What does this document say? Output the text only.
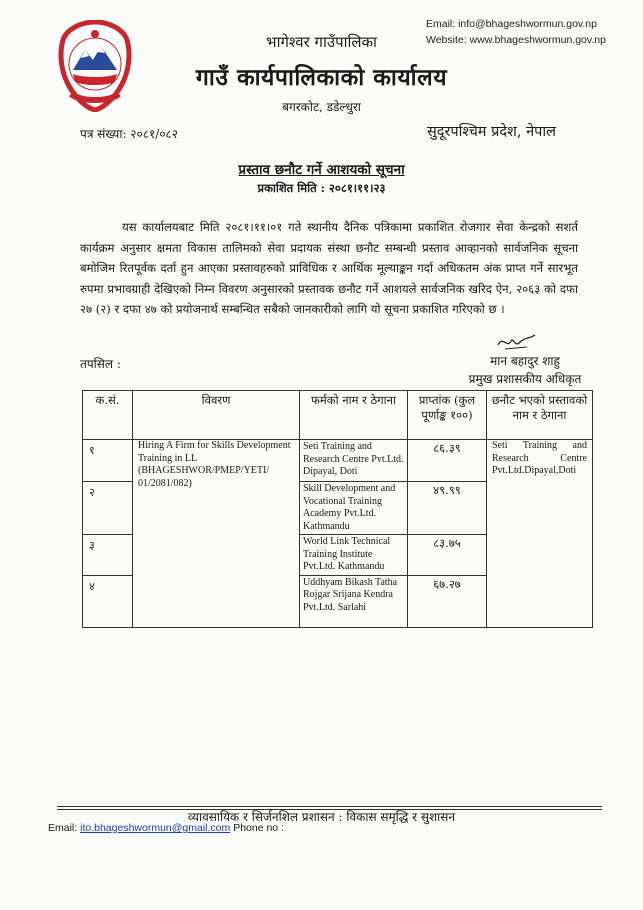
Email: info@bhageshwormun.gov.np
Website: www.bhageshwormun.gov.np
भागेश्वर गाउँपालिका
गाउँ कार्यपालिकाको कार्यालय
बगरकोट, डडेल्धुरा
पत्र संख्या: २०८१/०८२	सुदूरपश्चिम प्रदेश, नेपाल
प्रस्ताव छनौट गर्ने आशयको सूचना
प्रकाशित मिति : २०८१।११।२३
यस कार्यालयबाट मिति २०८१।११।०१ गते स्थानीय दैनिक पत्रिकामा प्रकाशित रोजगार सेवा केन्द्रको सशर्त कार्यक्रम अनुसार क्षमता विकास तालिमको सेवा प्रदायक संस्था छनौट सम्बन्धी प्रस्ताव आव्हानको सार्वजनिक सूचना बमोजिम रितपूर्वक दर्ता हुन आएका प्रस्तावहरुको प्राविधिक र आर्थिक मूल्याङ्कन गर्दा अधिकतम अंक प्राप्त गर्ने सारभूत रुपमा प्रभावग्राही देखिएको निम्न विवरण अनुसारको प्रस्तावक छनौट गर्ने आशयले सार्वजनिक खरिद ऐन, २०६३ को दफा २७ (२) र दफा ४७ को प्रयोजनार्थ सम्बन्धित सबैको जानकारीको लागि यो सूचना प्रकाशित गरिएको छ ।
मान बहादुर शाहु
प्रमुख प्रशासकीय अधिकृत
तपसिल :
क.सं.	विवरण	फर्मको नाम र ठेगाना	प्राप्तांक (कुल पूर्णाङ्क १००)	छनौट भएको प्रस्तावको नाम र ठेगाना
१	Hiring A Firm for Skills Development Training in LL (BHAGESHWOR/PMEP/YETI/ 01/2081/082)	Seti Training and Research Centre Pvt.Ltd. Dipayal, Doti	८६.३९	Seti Training and Research Centre Pvt.Ltd.Dipayal,Doti
२		Skill Development and Vocational Training Academy Pvt.Ltd. Kathmandu	४९.९९	
३		World Link Technical Training Institute Pvt.Ltd. Kathmandu	८३.७५	
४		Uddhyam Bikash Tatha Rojgar Srijana Kendra Pvt.Ltd. Sarlahi	६७.२७	
व्यावसायिक र सिर्जनशिल प्रशासन : विकास समृद्धि र सुशासन
Email: ito.bhageshwormun@gmail.com Phone no :
